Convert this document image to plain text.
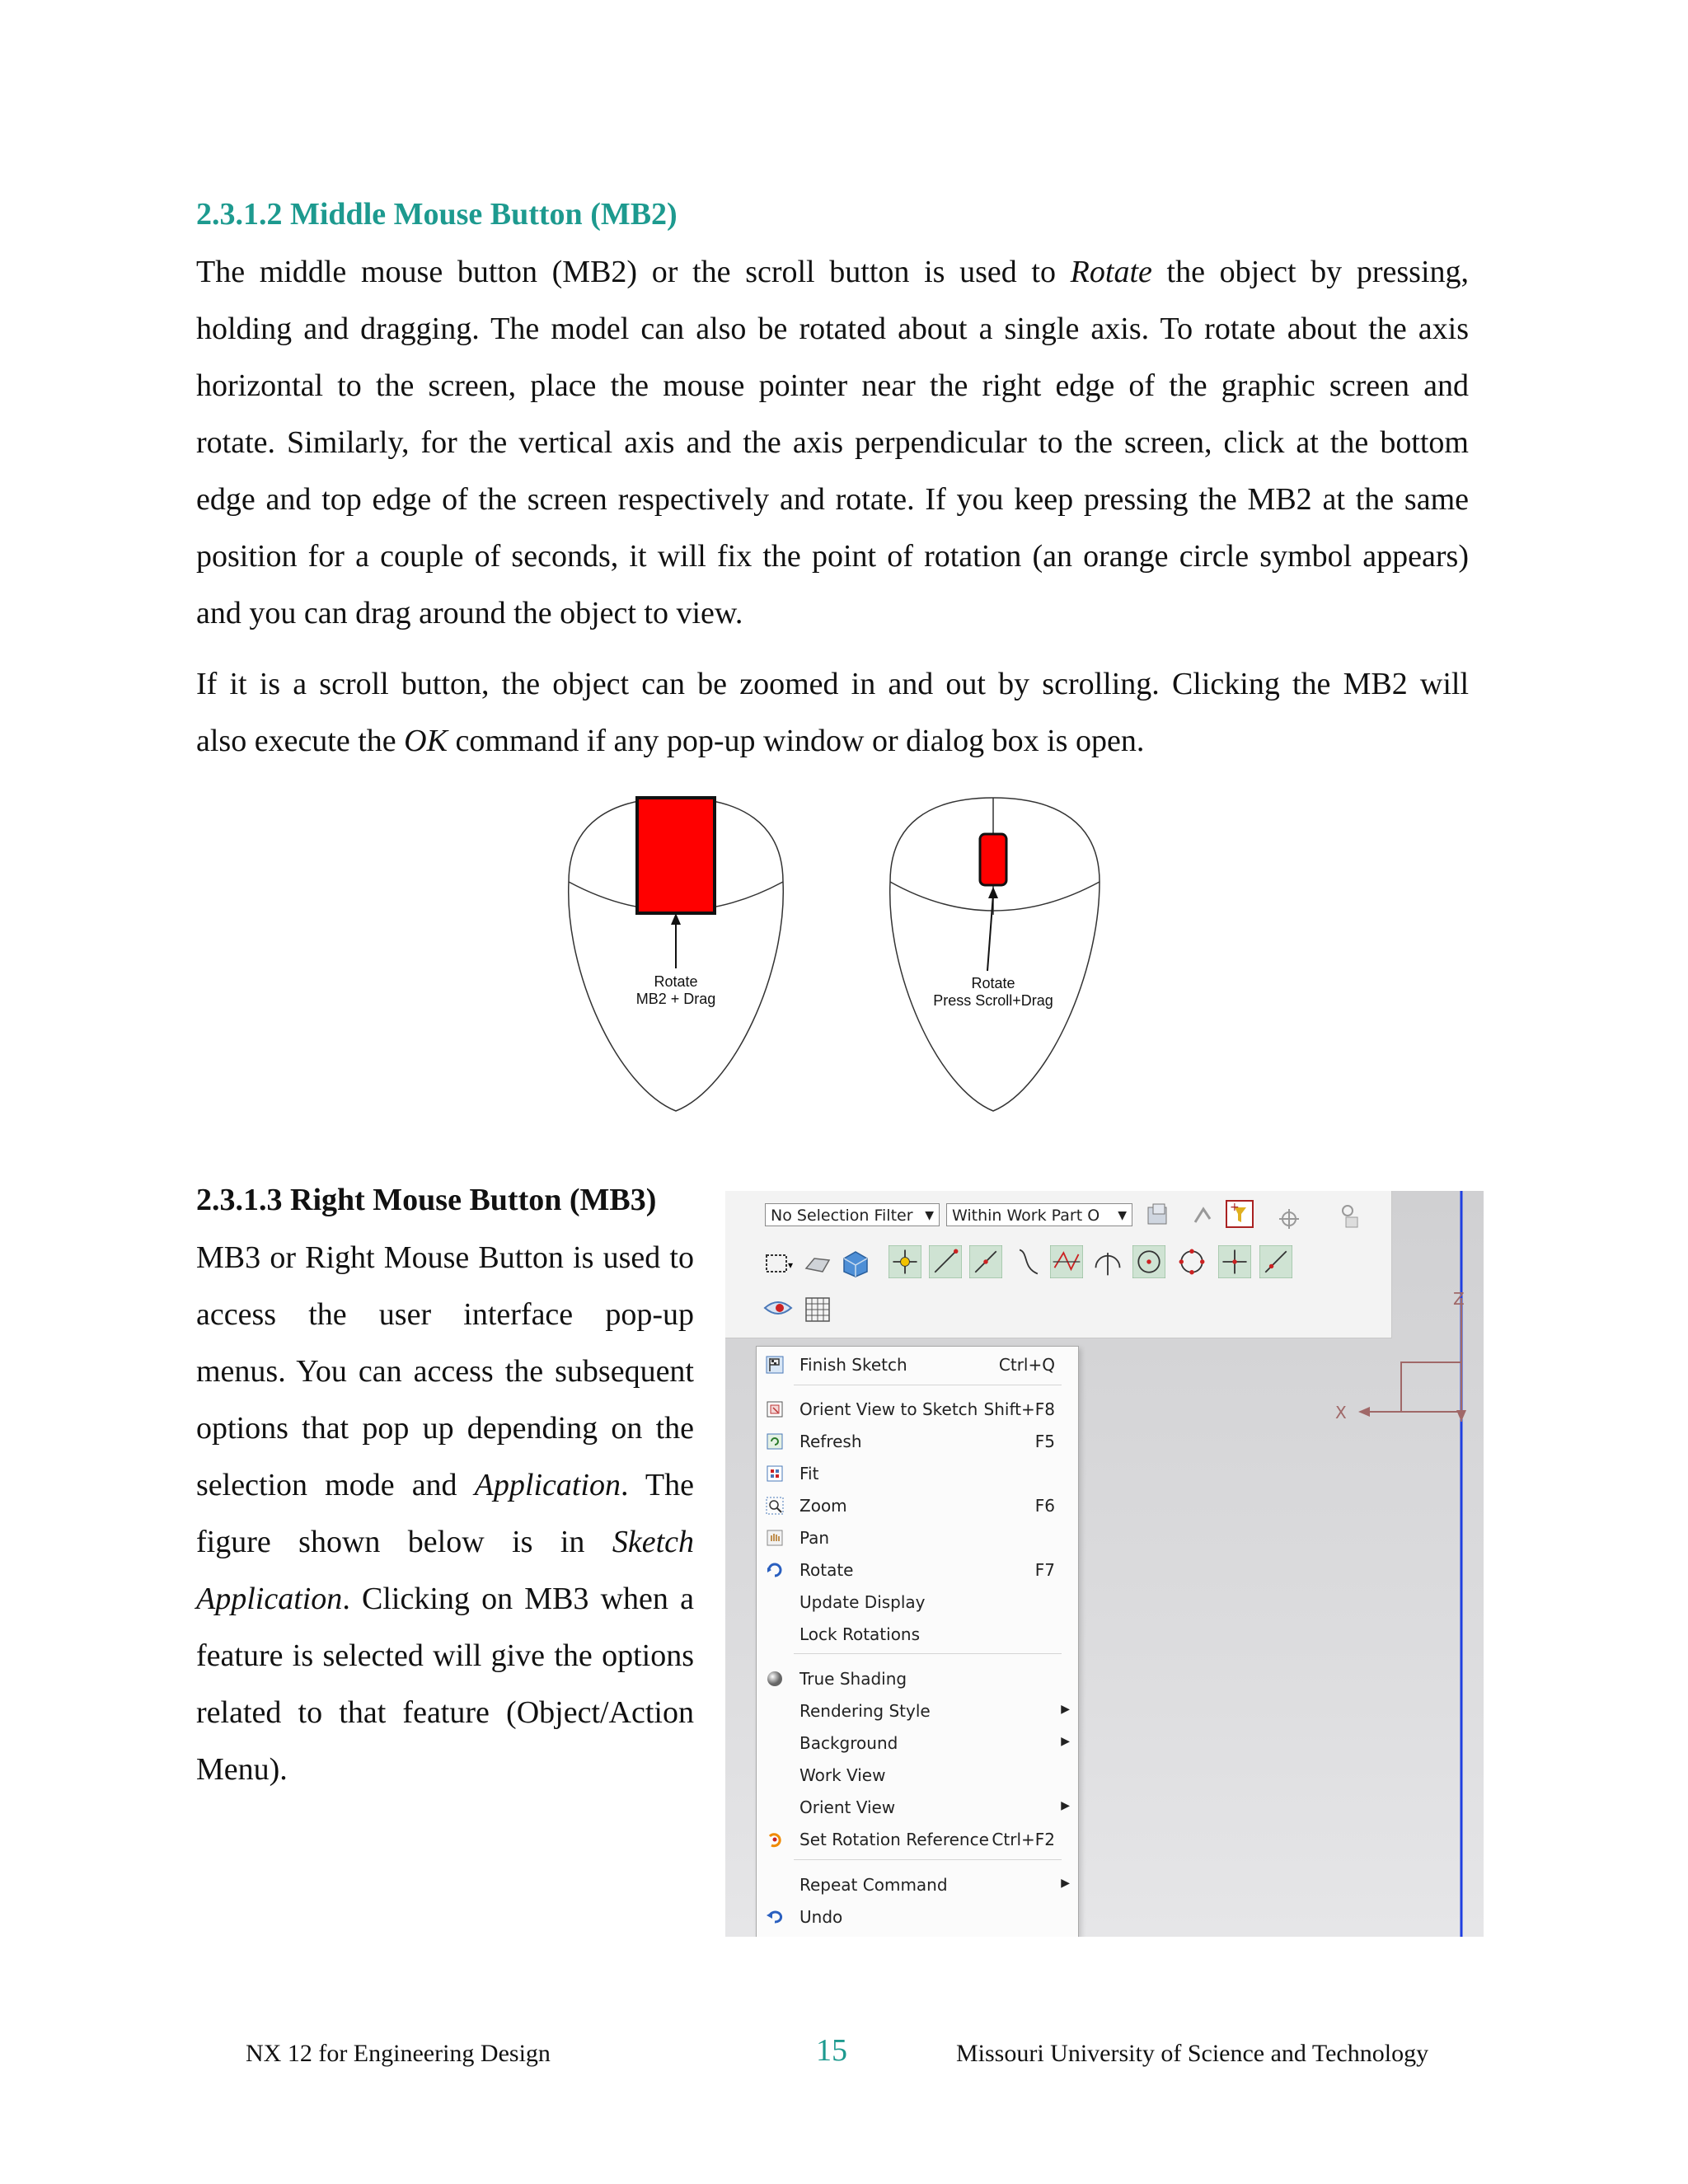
2.3.1.2 Middle Mouse Button (MB2)
The middle mouse button (MB2) or the scroll button is used to Rotate the object by pressing,
holding and dragging. The model can also be rotated about a single axis. To rotate about the axis
horizontal to the screen, place the mouse pointer near the right edge of the graphic screen and
rotate. Similarly, for the vertical axis and the axis perpendicular to the screen, click at the bottom
edge and top edge of the screen respectively and rotate. If you keep pressing the MB2 at the same
position for a couple of seconds, it will fix the point of rotation (an orange circle symbol appears)
and you can drag around the object to view.
If it is a scroll button, the object can be zoomed in and out by scrolling. Clicking the MB2 will
also execute the OK command if any pop-up window or dialog box is open.
Rotate
MB2 + Drag
Rotate
Press Scroll+Drag
2.3.1.3 Right Mouse Button (MB3)
MB3 or Right Mouse Button is used to
access the user interface pop-up
menus. You can access the subsequent
options that pop up depending on the
selection mode and Application. The
figure shown below is in Sketch
Application. Clicking on MB3 when a
feature is selected will give the options
related to that feature (Object/Action
Menu).
No Selection Filter ▼	Within Work Part O ▼
+
▾
X
Z
Finish Sketch	Ctrl+Q
Orient View to Sketch Shift+F8
Refresh	F5
Fit
Zoom	F6
Pan
Rotate	F7
Update Display
Lock Rotations
True Shading
Rendering Style	▶
Background	▶
Work View
Orient View	▶
Set Rotation Reference Ctrl+F2
Repeat Command	▶
Undo
NX 12 for Engineering Design	15	Missouri University of Science and Technology
